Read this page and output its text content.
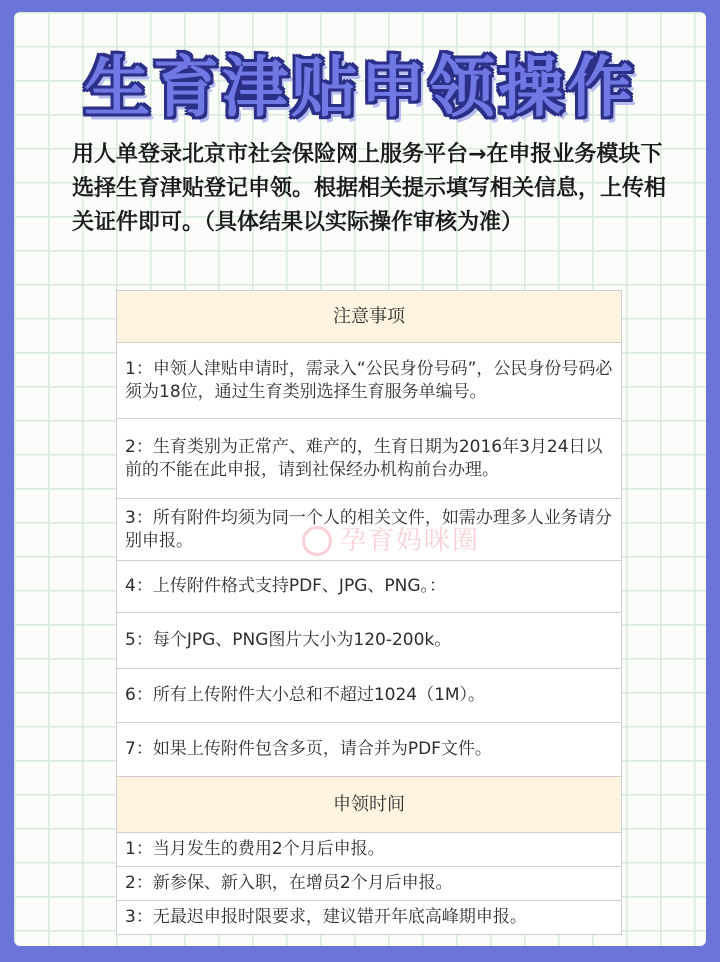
生育津贴申领操作
用人单登录北京市社会保险网上服务平台→在申报业务模块下选择生育津贴登记申领。根据相关提示填写相关信息，上传相关证件即可。（具体结果以实际操作审核为准）
注意事项
1：申领人津贴申请时，需录入“公民身份号码”，公民身份号码必须为18位，通过生育类别选择生育服务单编号。
2：生育类别为正常产、难产的，生育日期为2016年3月24日以前的不能在此申报，请到社保经办机构前台办理。
3：所有附件均须为同一个人的相关文件，如需办理多人业务请分别申报。
4：上传附件格式支持PDF、JPG、PNG。：
5：每个JPG、PNG图片大小为120-200k。
6：所有上传附件大小总和不超过1024（1M）。
7：如果上传附件包含多页，请合并为PDF文件。
申领时间
1：当月发生的费用2个月后申报。
2：新参保、新入职，在增员2个月后申报。
3：无最迟申报时限要求，建议错开年底高峰期申报。
孕育妈咪圈
